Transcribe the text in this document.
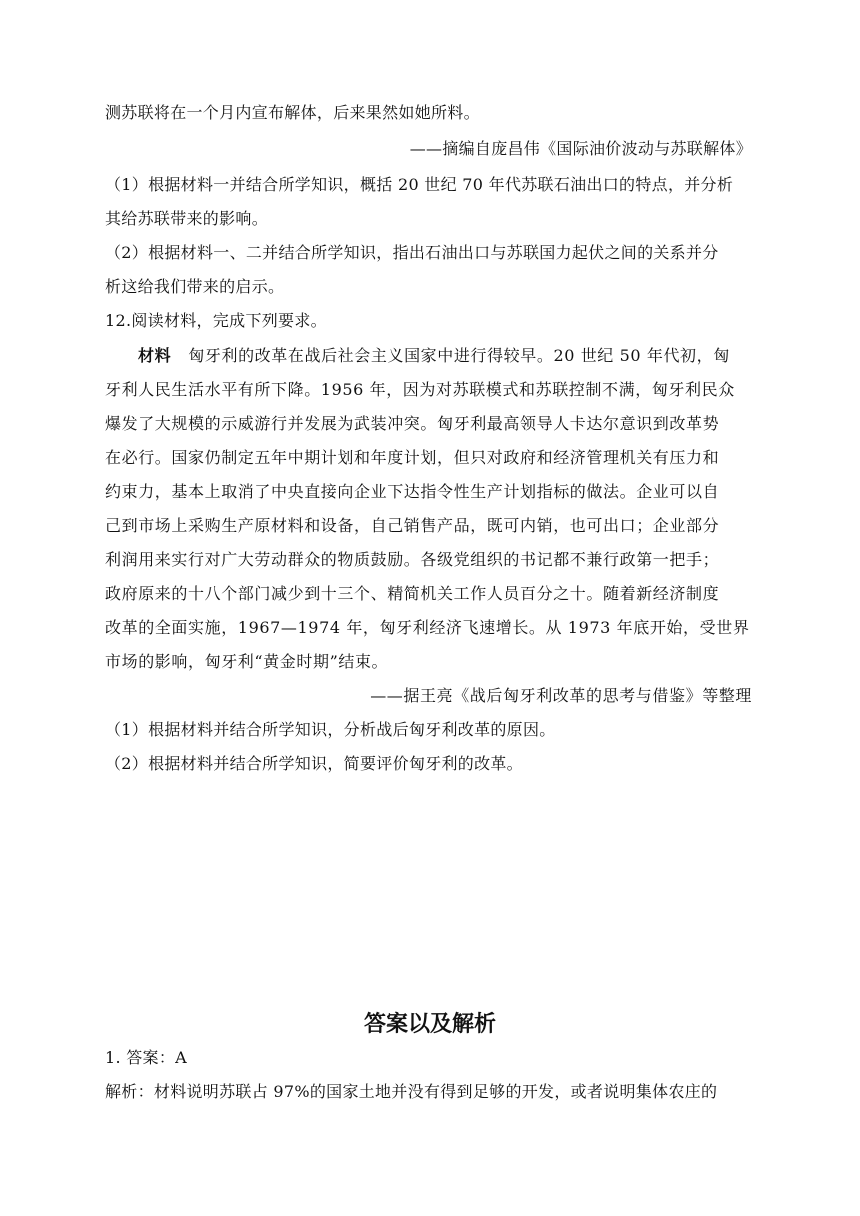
测苏联将在一个月内宣布解体，后来果然如她所料。
——摘编自庞昌伟《国际油价波动与苏联解体》
（1）根据材料一并结合所学知识，概括 20 世纪 70 年代苏联石油出口的特点，并分析
其给苏联带来的影响。
（2）根据材料一、二并结合所学知识，指出石油出口与苏联国力起伏之间的关系并分
析这给我们带来的启示。
12.阅读材料，完成下列要求。
材料 匈牙利的改革在战后社会主义国家中进行得较早。20 世纪 50 年代初，匈
牙利人民生活水平有所下降。1956 年，因为对苏联模式和苏联控制不满，匈牙利民众
爆发了大规模的示威游行并发展为武装冲突。匈牙利最高领导人卡达尔意识到改革势
在必行。国家仍制定五年中期计划和年度计划，但只对政府和经济管理机关有压力和
约束力，基本上取消了中央直接向企业下达指令性生产计划指标的做法。企业可以自
己到市场上采购生产原材料和设备，自己销售产品，既可内销，也可出口；企业部分
利润用来实行对广大劳动群众的物质鼓励。各级党组织的书记都不兼行政第一把手；
政府原来的十八个部门减少到十三个、精简机关工作人员百分之十。随着新经济制度
改革的全面实施，1967—1974 年，匈牙利经济飞速增长。从 1973 年底开始，受世界
市场的影响，匈牙利“黄金时期”结束。
——据王亮《战后匈牙利改革的思考与借鉴》等整理
（1）根据材料并结合所学知识，分析战后匈牙利改革的原因。
（2）根据材料并结合所学知识，简要评价匈牙利的改革。
答案以及解析
1. 答案：A
解析：材料说明苏联占 97%的国家土地并没有得到足够的开发，或者说明集体农庄的
